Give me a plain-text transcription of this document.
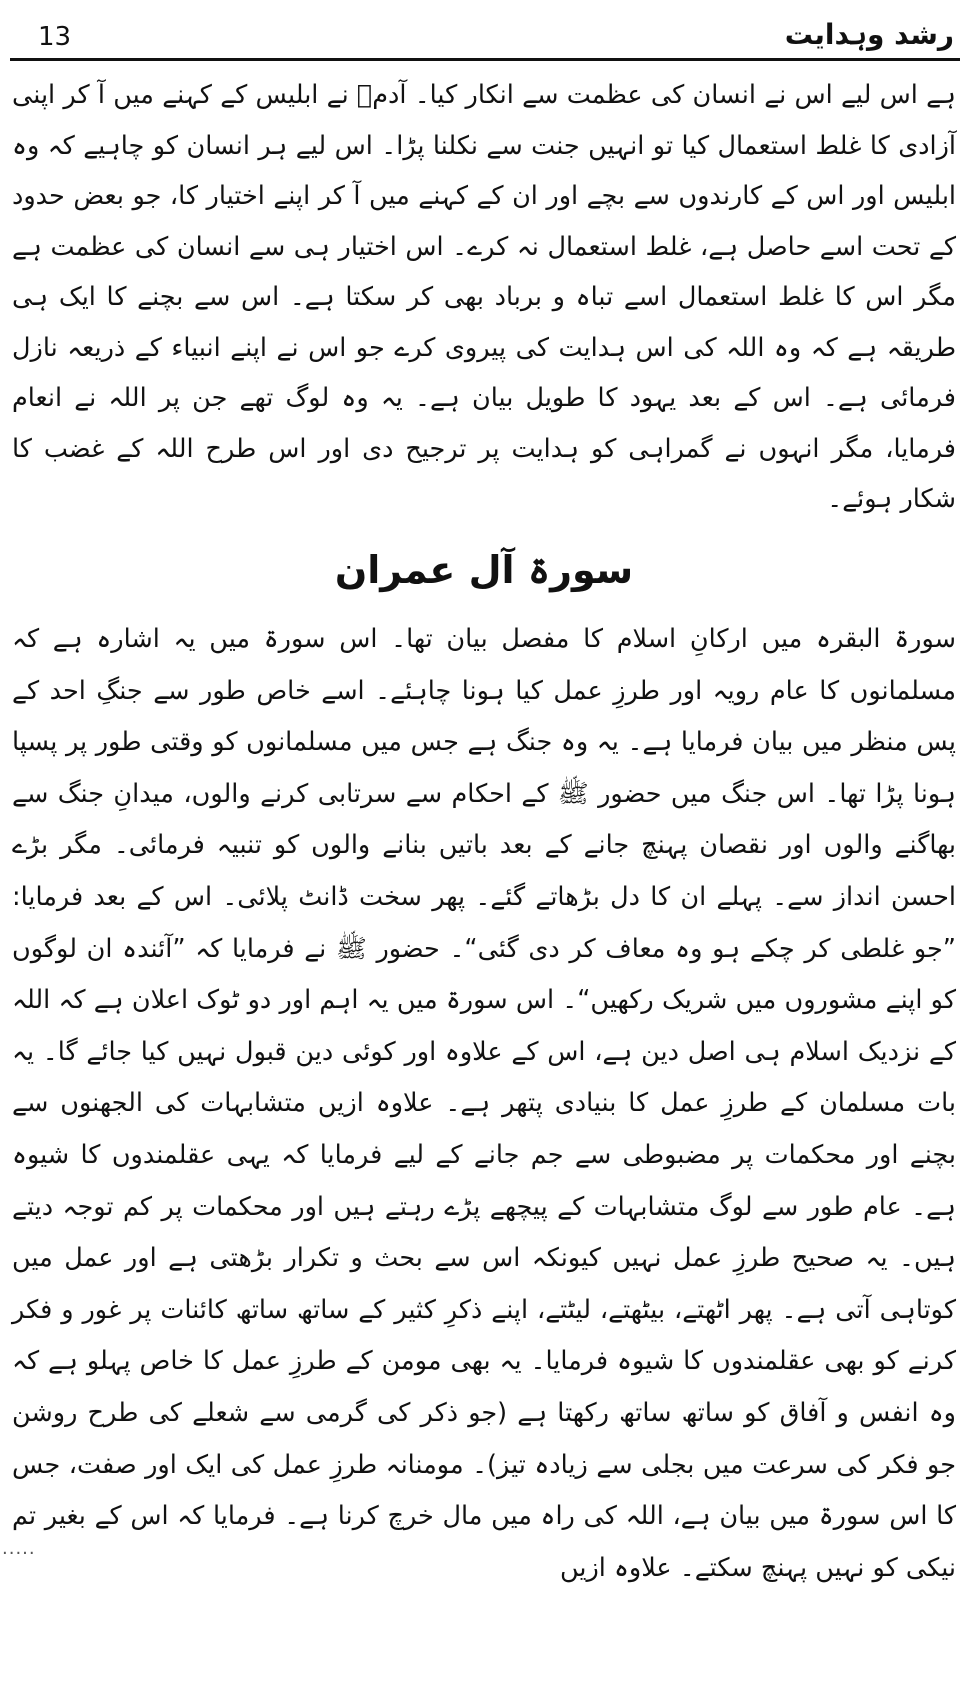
13	رشد وہدایت

ہے اس لیے اس نے انسان کی عظمت سے انکار کیا۔ آدمؑ نے ابلیس کے کہنے میں آ کر اپنی آزادی کا غلط استعمال کیا تو انہیں جنت سے نکلنا پڑا۔ اس لیے ہر انسان کو چاہیے کہ وہ ابلیس اور اس کے کارندوں سے بچے اور ان کے کہنے میں آ کر اپنے اختیار کا، جو بعض حدود کے تحت اسے حاصل ہے، غلط استعمال نہ کرے۔ اس اختیار ہی سے انسان کی عظمت ہے مگر اس کا غلط استعمال اسے تباہ و برباد بھی کر سکتا ہے۔ اس سے بچنے کا ایک ہی طریقہ ہے کہ وہ اللہ کی اس ہدایت کی پیروی کرے جو اس نے اپنے انبیاء کے ذریعہ نازل فرمائی ہے۔ اس کے بعد یہود کا طویل بیان ہے۔ یہ وہ لوگ تھے جن پر اللہ نے انعام فرمایا، مگر انہوں نے گمراہی کو ہدایت پر ترجیح دی اور اس طرح اللہ کے غضب کا شکار ہوئے۔

سورۃ آل عمران

سورۃ البقرہ میں ارکانِ اسلام کا مفصل بیان تھا۔ اس سورۃ میں یہ اشارہ ہے کہ مسلمانوں کا عام رویہ اور طرزِ عمل کیا ہونا چاہئے۔ اسے خاص طور سے جنگِ احد کے پس منظر میں بیان فرمایا ہے۔ یہ وہ جنگ ہے جس میں مسلمانوں کو وقتی طور پر پسپا ہونا پڑا تھا۔ اس جنگ میں حضور ﷺ کے احکام سے سرتابی کرنے والوں، میدانِ جنگ سے بھاگنے والوں اور نقصان پہنچ جانے کے بعد باتیں بنانے والوں کو تنبیہ فرمائی۔ مگر بڑے احسن انداز سے۔ پہلے ان کا دل بڑھاتے گئے۔ پھر سخت ڈانٹ پلائی۔ اس کے بعد فرمایا: ”جو غلطی کر چکے ہو وہ معاف کر دی گئی“۔ حضور ﷺ نے فرمایا کہ ”آئندہ ان لوگوں کو اپنے مشوروں میں شریک رکھیں“۔ اس سورۃ میں یہ اہم اور دو ٹوک اعلان ہے کہ اللہ کے نزدیک اسلام ہی اصل دین ہے، اس کے علاوہ اور کوئی دین قبول نہیں کیا جائے گا۔ یہ بات مسلمان کے طرزِ عمل کا بنیادی پتھر ہے۔ علاوہ ازیں متشابہات کی الجھنوں سے بچنے اور محکمات پر مضبوطی سے جم جانے کے لیے فرمایا کہ یہی عقلمندوں کا شیوہ ہے۔ عام طور سے لوگ متشابہات کے پیچھے پڑے رہتے ہیں اور محکمات پر کم توجہ دیتے ہیں۔ یہ صحیح طرزِ عمل نہیں کیونکہ اس سے بحث و تکرار بڑھتی ہے اور عمل میں کوتاہی آتی ہے۔ پھر اٹھتے، بیٹھتے، لیٹتے، اپنے ذکرِ کثیر کے ساتھ ساتھ کائنات پر غور و فکر کرنے کو بھی عقلمندوں کا شیوہ فرمایا۔ یہ بھی مومن کے طرزِ عمل کا خاص پہلو ہے کہ وہ انفس و آفاق کو ساتھ ساتھ رکھتا ہے (جو ذکر کی گرمی سے شعلے کی طرح روشن جو فکر کی سرعت میں بجلی سے زیادہ تیز)۔ مومنانہ طرزِ عمل کی ایک اور صفت، جس کا اس سورۃ میں بیان ہے، اللہ کی راہ میں مال خرچ کرنا ہے۔ فرمایا کہ اس کے بغیر تم نیکی کو نہیں پہنچ سکتے۔ علاوہ ازیں

.....
